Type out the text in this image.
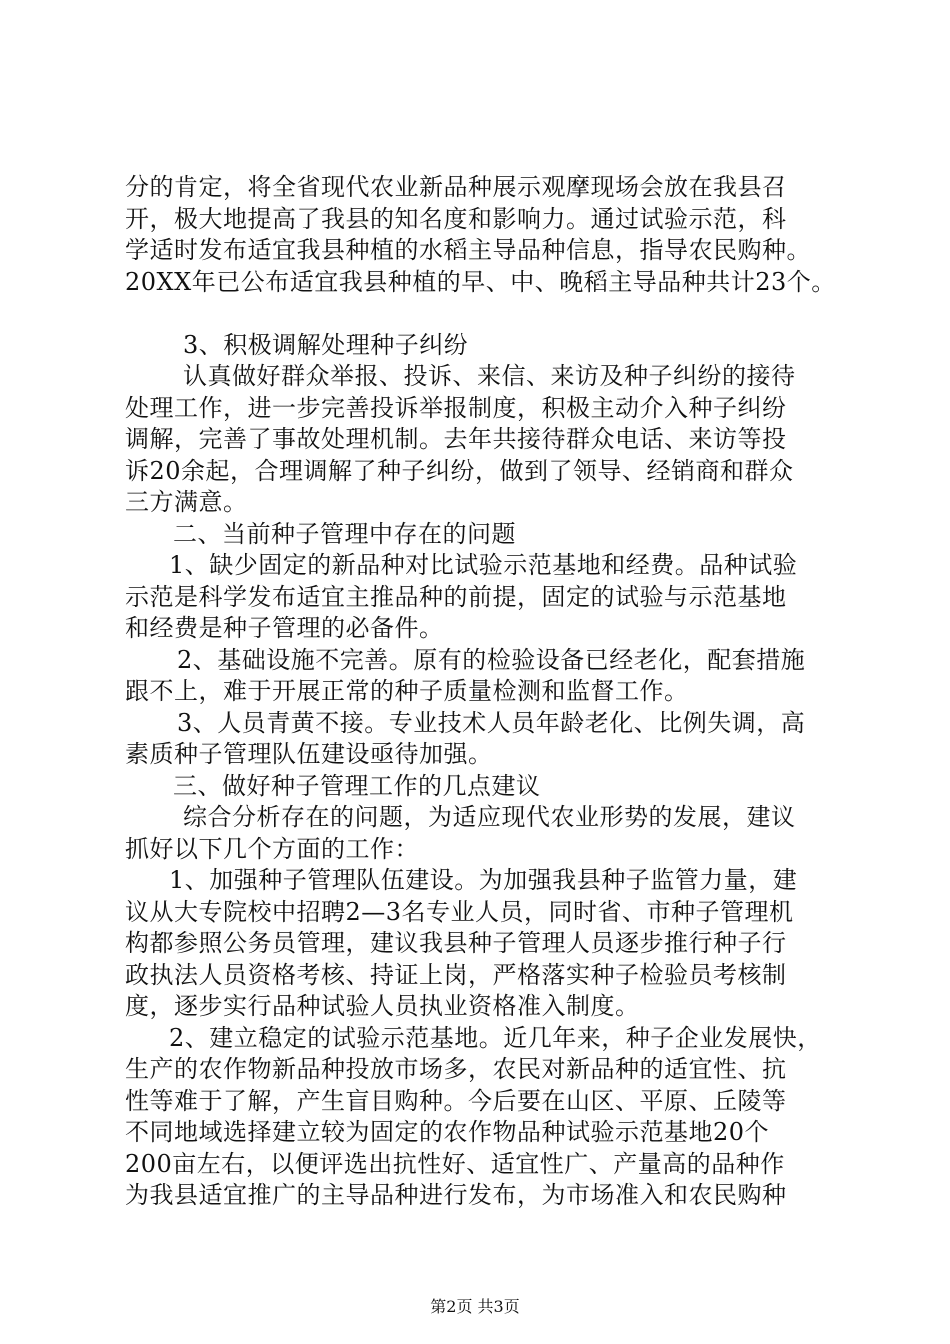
分的肯定，将全省现代农业新品种展示观摩现场会放在我县召
开，极大地提高了我县的知名度和影响力。通过试验示范，科
学适时发布适宜我县种植的水稻主导品种信息，指导农民购种。
20XX年已公布适宜我县种植的早、中、晚稻主导品种共计23个。
3、积极调解处理种子纠纷
认真做好群众举报、投诉、来信、来访及种子纠纷的接待
处理工作，进一步完善投诉举报制度，积极主动介入种子纠纷
调解，完善了事故处理机制。去年共接待群众电话、来访等投
诉20余起，合理调解了种子纠纷，做到了领导、经销商和群众
三方满意。
二、当前种子管理中存在的问题
1、缺少固定的新品种对比试验示范基地和经费。品种试验
示范是科学发布适宜主推品种的前提，固定的试验与示范基地
和经费是种子管理的必备件。
2、基础设施不完善。原有的检验设备已经老化，配套措施
跟不上，难于开展正常的种子质量检测和监督工作。
3、人员青黄不接。专业技术人员年龄老化、比例失调，高
素质种子管理队伍建设亟待加强。
三、做好种子管理工作的几点建议
综合分析存在的问题，为适应现代农业形势的发展，建议
抓好以下几个方面的工作：
1、加强种子管理队伍建设。为加强我县种子监管力量，建
议从大专院校中招聘2—3名专业人员，同时省、市种子管理机
构都参照公务员管理，建议我县种子管理人员逐步推行种子行
政执法人员资格考核、持证上岗，严格落实种子检验员考核制
度，逐步实行品种试验人员执业资格准入制度。
2、建立稳定的试验示范基地。近几年来，种子企业发展快，
生产的农作物新品种投放市场多，农民对新品种的适宜性、抗
性等难于了解，产生盲目购种。今后要在山区、平原、丘陵等
不同地域选择建立较为固定的农作物品种试验示范基地20个
200亩左右，以便评选出抗性好、适宜性广、产量高的品种作
为我县适宜推广的主导品种进行发布，为市场准入和农民购种
第2页 共3页
